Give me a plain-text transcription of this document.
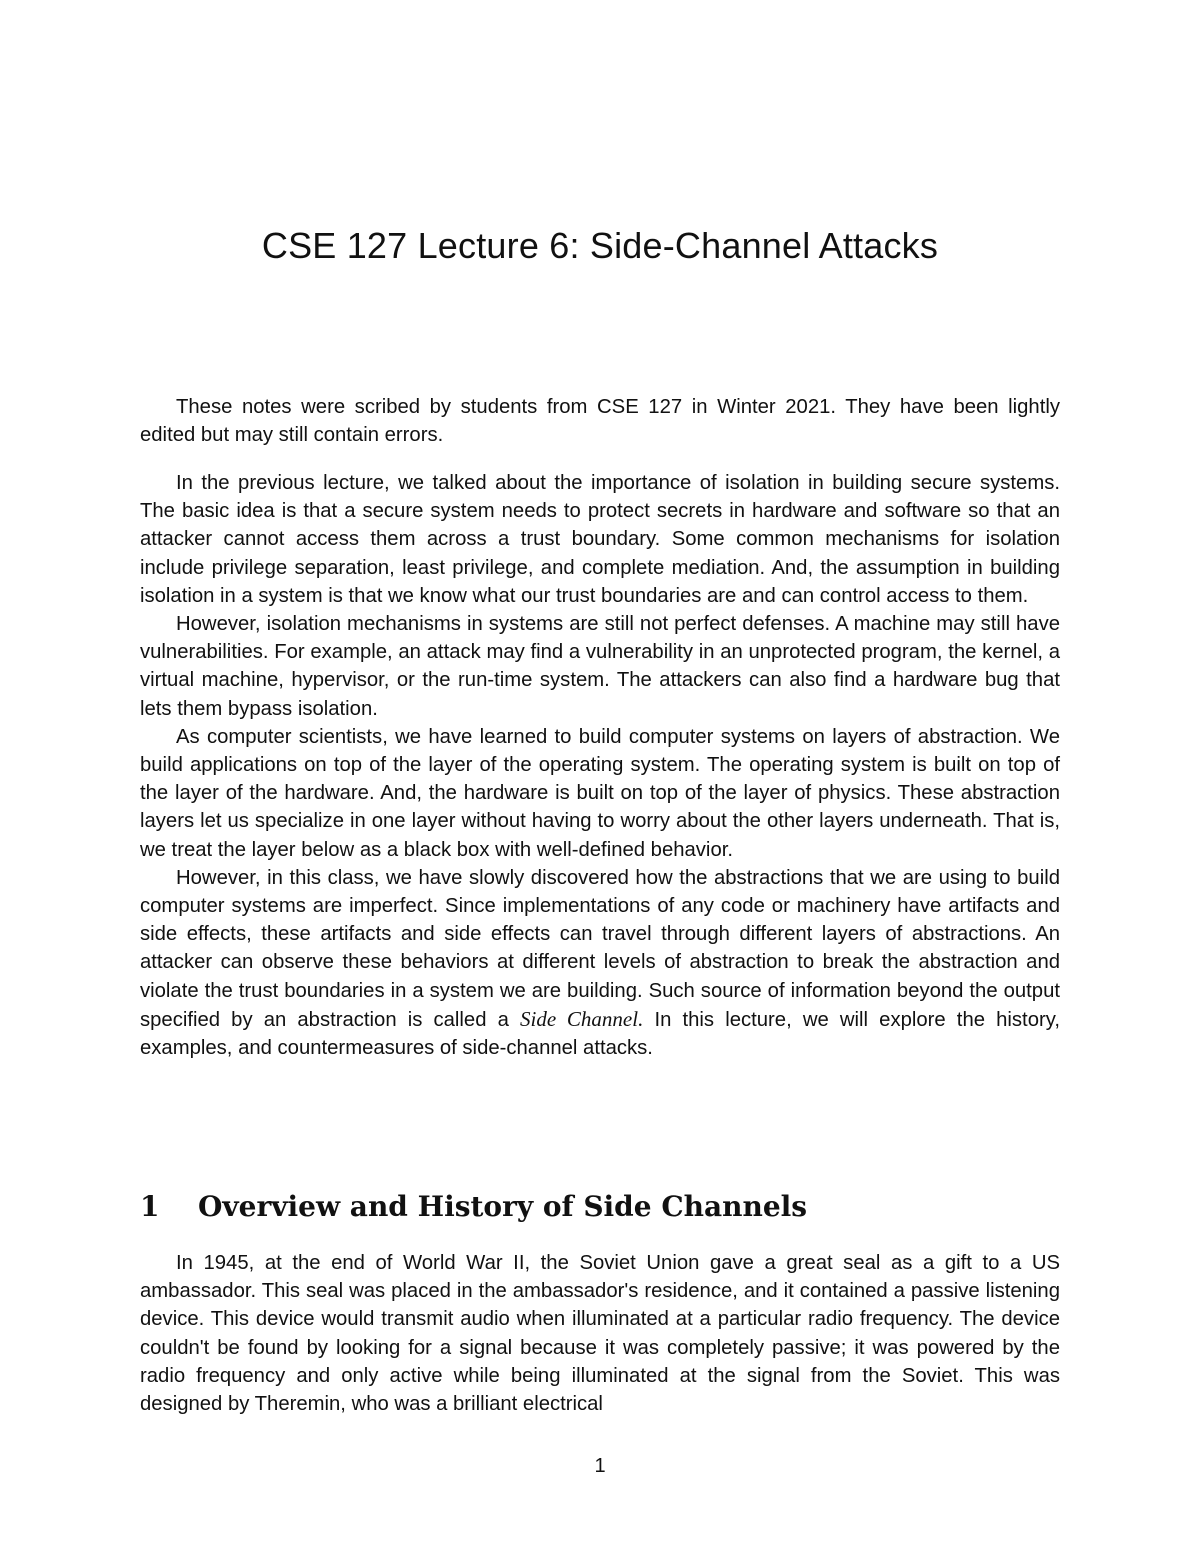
CSE 127 Lecture 6: Side-Channel Attacks

These notes were scribed by students from CSE 127 in Winter 2021. They have been lightly edited but may still contain errors.

In the previous lecture, we talked about the importance of isolation in building secure systems. The basic idea is that a secure system needs to protect secrets in hardware and software so that an attacker cannot access them across a trust boundary. Some common mechanisms for isolation include privilege separation, least privilege, and complete mediation. And, the assumption in building isolation in a system is that we know what our trust boundaries are and can control access to them.

However, isolation mechanisms in systems are still not perfect defenses. A machine may still have vulnerabilities. For example, an attack may find a vulnerability in an unprotected program, the kernel, a virtual machine, hypervisor, or the run-time system. The attackers can also find a hardware bug that lets them bypass isolation.

As computer scientists, we have learned to build computer systems on layers of abstraction. We build applications on top of the layer of the operating system. The operating system is built on top of the layer of the hardware. And, the hardware is built on top of the layer of physics. These abstraction layers let us specialize in one layer without having to worry about the other layers underneath. That is, we treat the layer below as a black box with well-defined behavior.

However, in this class, we have slowly discovered how the abstractions that we are using to build computer systems are imperfect. Since implementations of any code or machinery have artifacts and side effects, these artifacts and side effects can travel through different layers of abstractions. An attacker can observe these behaviors at different levels of abstraction to break the abstraction and violate the trust boundaries in a system we are building. Such source of information beyond the output specified by an abstraction is called a Side Channel. In this lecture, we will explore the history, examples, and countermeasures of side-channel attacks.

1 Overview and History of Side Channels

In 1945, at the end of World War II, the Soviet Union gave a great seal as a gift to a US ambassador. This seal was placed in the ambassador's residence, and it contained a passive listening device. This device would transmit audio when illuminated at a particular radio frequency. The device couldn't be found by looking for a signal because it was completely passive; it was powered by the radio frequency and only active while being illuminated at the signal from the Soviet. This was designed by Theremin, who was a brilliant electrical

1
